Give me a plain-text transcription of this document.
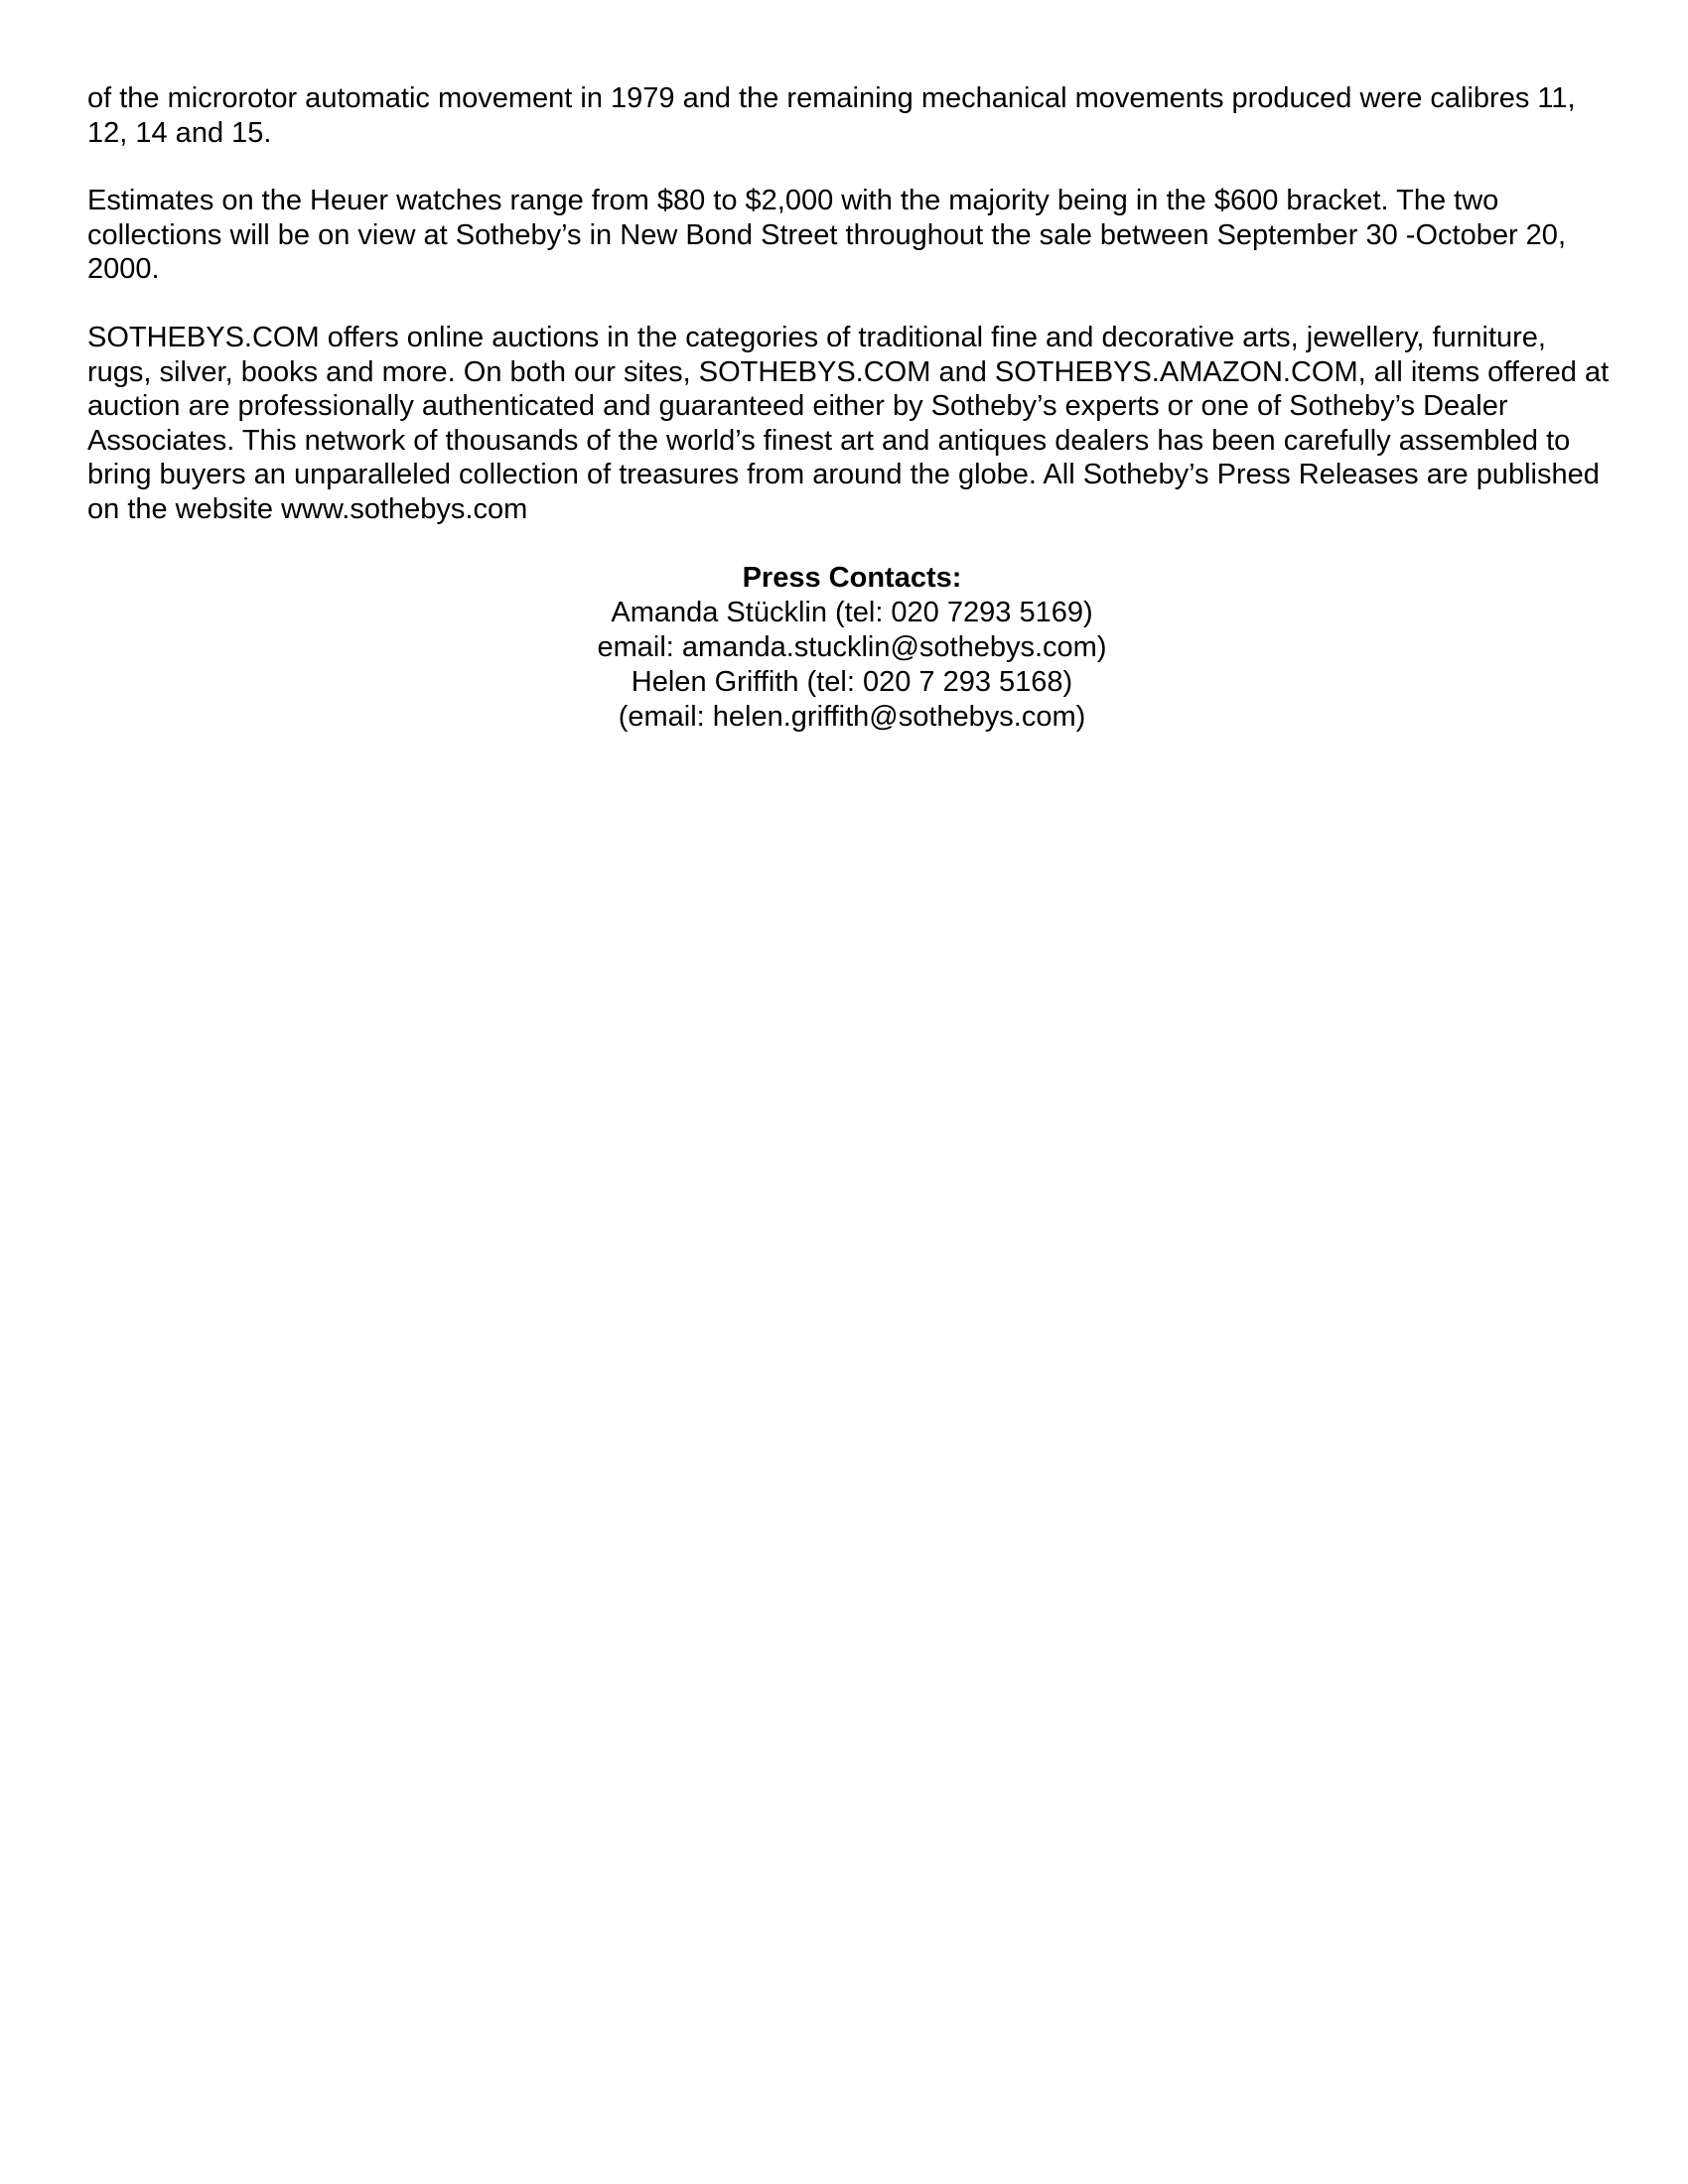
of the microrotor automatic movement in 1979 and the remaining mechanical movements produced were calibres 11, 12, 14 and 15.

Estimates on the Heuer watches range from $80 to $2,000 with the majority being in the $600 bracket. The two collections will be on view at Sotheby’s in New Bond Street throughout the sale between September 30 -October 20, 2000.

SOTHEBYS.COM offers online auctions in the categories of traditional fine and decorative arts, jewellery, furniture, rugs, silver, books and more. On both our sites, SOTHEBYS.COM and SOTHEBYS.AMAZON.COM, all items offered at auction are professionally authenticated and guaranteed either by Sotheby’s experts or one of Sotheby’s Dealer Associates. This network of thousands of the world’s finest art and antiques dealers has been carefully assembled to bring buyers an unparalleled collection of treasures from around the globe. All Sotheby’s Press Releases are published on the website www.sothebys.com

Press Contacts:
Amanda Stücklin (tel: 020 7293 5169)
email: amanda.stucklin@sothebys.com)
Helen Griffith (tel: 020 7 293 5168)
(email: helen.griffith@sothebys.com)
